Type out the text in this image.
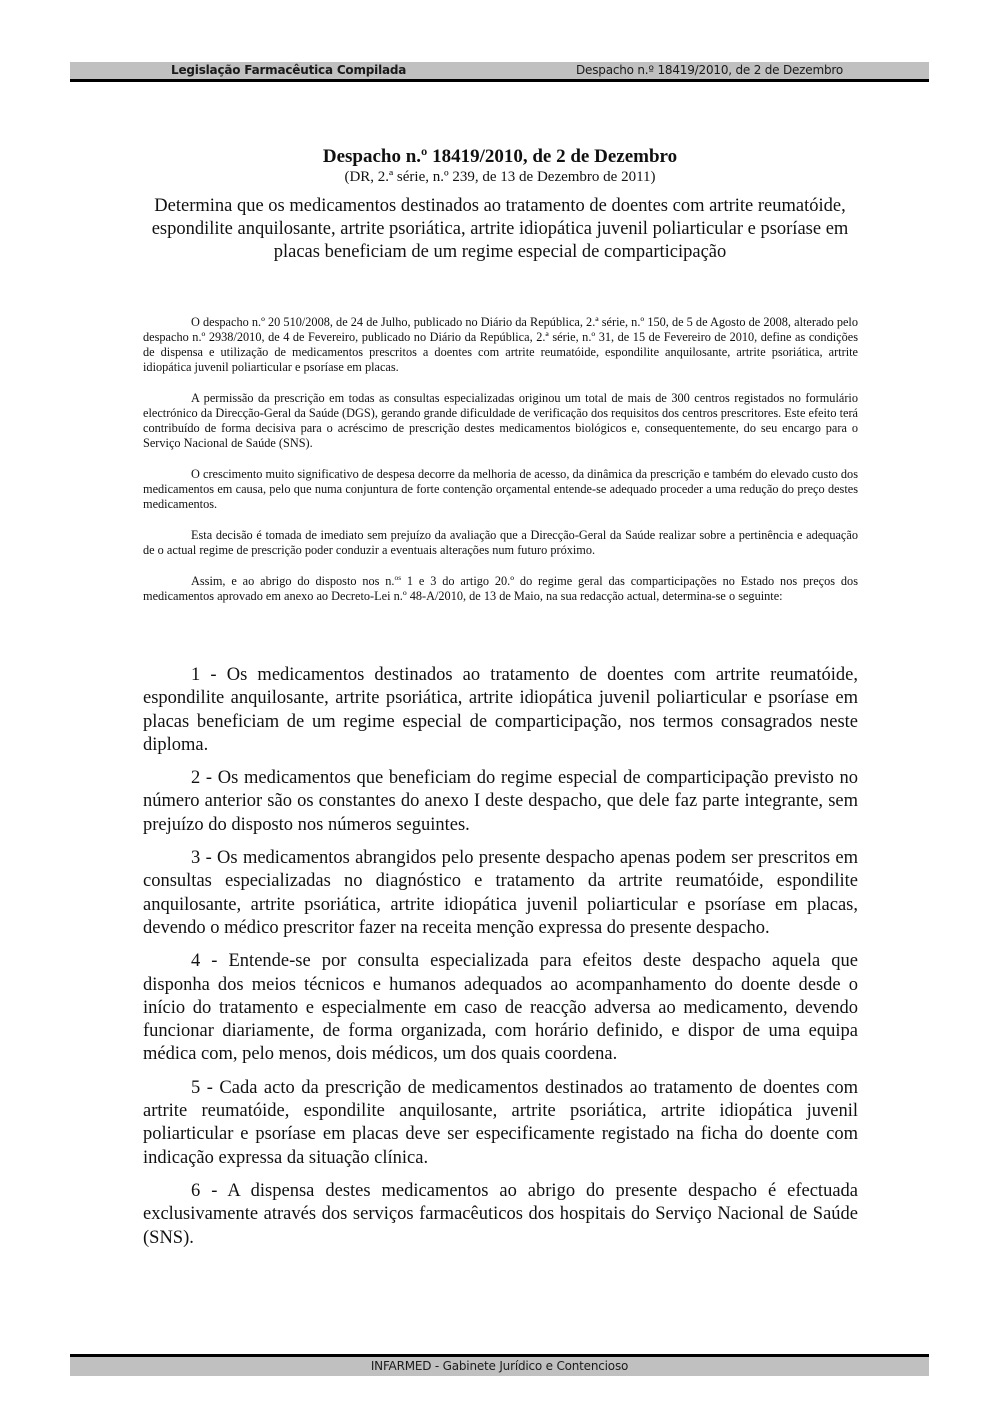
Legislação Farmacêutica Compilada	Despacho n.º 18419/2010, de 2 de Dezembro

Despacho n.º 18419/2010, de 2 de Dezembro

(DR, 2.ª série, n.º 239, de 13 de Dezembro de 2011)

Determina que os medicamentos destinados ao tratamento de doentes com artrite reumatóide, espondilite anquilosante, artrite psoriática, artrite idiopática juvenil poliarticular e psoríase em placas beneficiam de um regime especial de comparticipação

O despacho n.º 20 510/2008, de 24 de Julho, publicado no Diário da República, 2.ª série, n.º 150, de 5 de Agosto de 2008, alterado pelo despacho n.º 2938/2010, de 4 de Fevereiro, publicado no Diário da República, 2.ª série, n.º 31, de 15 de Fevereiro de 2010, define as condições de dispensa e utilização de medicamentos prescritos a doentes com artrite reumatóide, espondilite anquilosante, artrite psoriática, artrite idiopática juvenil poliarticular e psoríase em placas.

A permissão da prescrição em todas as consultas especializadas originou um total de mais de 300 centros registados no formulário electrónico da Direcção-Geral da Saúde (DGS), gerando grande dificuldade de verificação dos requisitos dos centros prescritores. Este efeito terá contribuído de forma decisiva para o acréscimo de prescrição destes medicamentos biológicos e, consequentemente, do seu encargo para o Serviço Nacional de Saúde (SNS).

O crescimento muito significativo de despesa decorre da melhoria de acesso, da dinâmica da prescrição e também do elevado custo dos medicamentos em causa, pelo que numa conjuntura de forte contenção orçamental entende-se adequado proceder a uma redução do preço destes medicamentos.

Esta decisão é tomada de imediato sem prejuízo da avaliação que a Direcção-Geral da Saúde realizar sobre a pertinência e adequação de o actual regime de prescrição poder conduzir a eventuais alterações num futuro próximo.

Assim, e ao abrigo do disposto nos n.$^{os}$ 1 e 3 do artigo 20.º do regime geral das comparticipações no Estado nos preços dos medicamentos aprovado em anexo ao Decreto-Lei n.º 48-A/2010, de 13 de Maio, na sua redacção actual, determina-se o seguinte:

1 - Os medicamentos destinados ao tratamento de doentes com artrite reumatóide, espondilite anquilosante, artrite psoriática, artrite idiopática juvenil poliarticular e psoríase em placas beneficiam de um regime especial de comparticipação, nos termos consagrados neste diploma.

2 - Os medicamentos que beneficiam do regime especial de comparticipação previsto no número anterior são os constantes do anexo I deste despacho, que dele faz parte integrante, sem prejuízo do disposto nos números seguintes.

3 - Os medicamentos abrangidos pelo presente despacho apenas podem ser prescritos em consultas especializadas no diagnóstico e tratamento da artrite reumatóide, espondilite anquilosante, artrite psoriática, artrite idiopática juvenil poliarticular e psoríase em placas, devendo o médico prescritor fazer na receita menção expressa do presente despacho.

4 - Entende-se por consulta especializada para efeitos deste despacho aquela que disponha dos meios técnicos e humanos adequados ao acompanhamento do doente desde o início do tratamento e especialmente em caso de reacção adversa ao medicamento, devendo funcionar diariamente, de forma organizada, com horário definido, e dispor de uma equipa médica com, pelo menos, dois médicos, um dos quais coordena.

5 - Cada acto da prescrição de medicamentos destinados ao tratamento de doentes com artrite reumatóide, espondilite anquilosante, artrite psoriática, artrite idiopática juvenil poliarticular e psoríase em placas deve ser especificamente registado na ficha do doente com indicação expressa da situação clínica.

6 - A dispensa destes medicamentos ao abrigo do presente despacho é efectuada exclusivamente através dos serviços farmacêuticos dos hospitais do Serviço Nacional de Saúde (SNS).

INFARMED - Gabinete Jurídico e Contencioso
